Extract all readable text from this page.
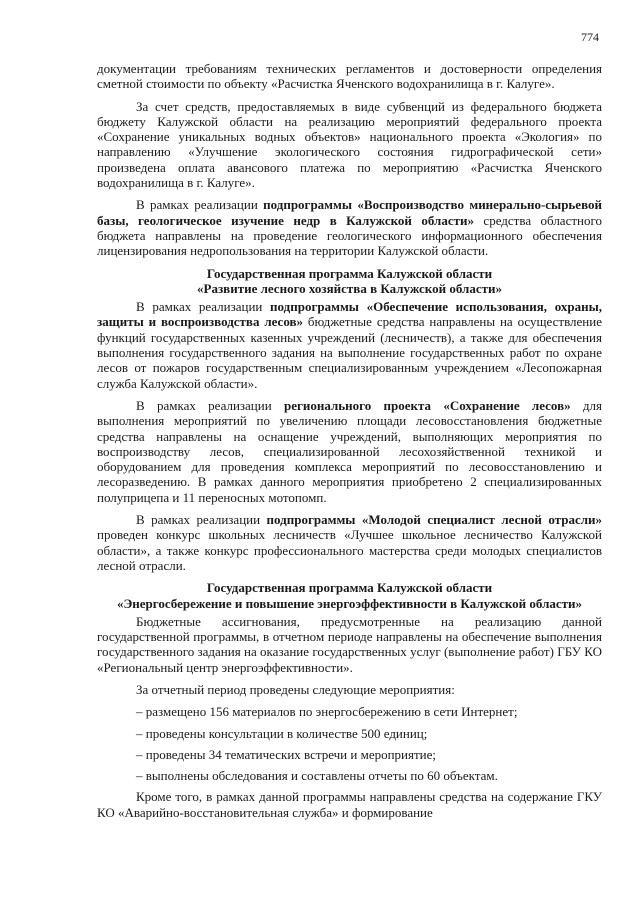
774

документации требованиям технических регламентов и достоверности определения сметной стоимости по объекту «Расчистка Яченского водохранилища в г. Калуге».

За счет средств, предоставляемых в виде субвенций из федерального бюджета бюджету Калужской области на реализацию мероприятий федерального проекта «Сохранение уникальных водных объектов» национального проекта «Экология» по направлению «Улучшение экологического состояния гидрографической сети» произведена оплата авансового платежа по мероприятию «Расчистка Яченского водохранилища в г. Калуге».

В рамках реализации подпрограммы «Воспроизводство минерально-сырьевой базы, геологическое изучение недр в Калужской области» средства областного бюджета направлены на проведение геологического информационного обеспечения лицензирования недропользования на территории Калужской области.

Государственная программа Калужской области
«Развитие лесного хозяйства в Калужской области»

В рамках реализации подпрограммы «Обеспечение использования, охраны, защиты и воспроизводства лесов» бюджетные средства направлены на осуществление функций государственных казенных учреждений (лесничеств), а также для обеспечения выполнения государственного задания на выполнение государственных работ по охране лесов от пожаров государственным специализированным учреждением «Лесопожарная служба Калужской области».

В рамках реализации регионального проекта «Сохранение лесов» для выполнения мероприятий по увеличению площади лесовосстановления бюджетные средства направлены на оснащение учреждений, выполняющих мероприятия по воспроизводству лесов, специализированной лесохозяйственной техникой и оборудованием для проведения комплекса мероприятий по лесовосстановлению и лесоразведению. В рамках данного мероприятия приобретено 2 специализированных полуприцепа и 11 переносных мотопомп.

В рамках реализации подпрограммы «Молодой специалист лесной отрасли» проведен конкурс школьных лесничеств «Лучшее школьное лесничество Калужской области», а также конкурс профессионального мастерства среди молодых специалистов лесной отрасли.

Государственная программа Калужской области
«Энергосбережение и повышение энергоэффективности в Калужской области»

Бюджетные ассигнования, предусмотренные на реализацию данной государственной программы, в отчетном периоде направлены на обеспечение выполнения государственного задания на оказание государственных услуг (выполнение работ) ГБУ КО «Региональный центр энергоэффективности».

За отчетный период проведены следующие мероприятия:

– размещено 156 материалов по энергосбережению в сети Интернет;

– проведены консультации в количестве 500 единиц;

– проведены 34 тематических встречи и мероприятие;

– выполнены обследования и составлены отчеты по 60 объектам.

Кроме того, в рамках данной программы направлены средства на содержание ГКУ КО «Аварийно-восстановительная служба» и формирование
